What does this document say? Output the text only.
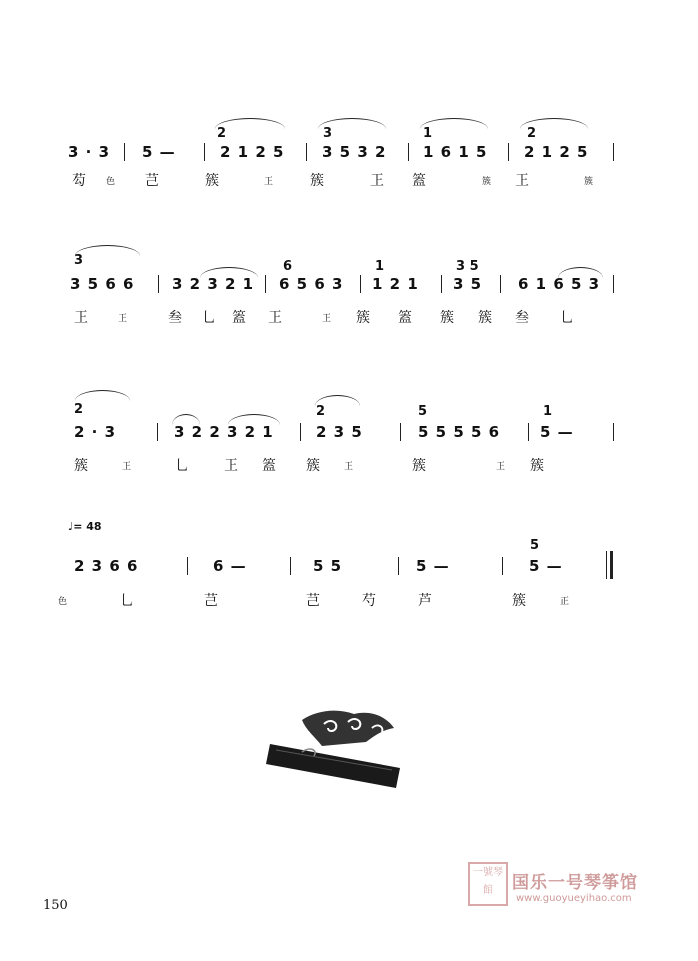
2	3	1	2
3 · 3 5 —	2 1 2 5	3 5 3 2 1 6 1 5 2 1 2 5
芶 色 芑	簇	㠪	簇	㠪 篕	簇 㠪	簇
3	6	1	3 5
3 5 6 6	3 2 3 2 1 6 5 6 3 1 2 1 3 5 6 1 6 5 3
㠪	㠪	叁 乚 篕 㠪	㠪 簇 篕 簇 簇 叁 乚
2	2	5	1
2 · 3	3 2 2 3 2 1	2 3 5	5 5 5 5 6	5 —
簇	㠪	乚	㠪 篕 簇	㠪	簇	㠪 簇
♩= 48
5
2 3 6 6	6 —	5 5	5 —	5 —
色	乚	芑	芑	芍	芦	簇	正
150
一號琴館	国乐一号琴筝馆
www.guoyueyihao.com
